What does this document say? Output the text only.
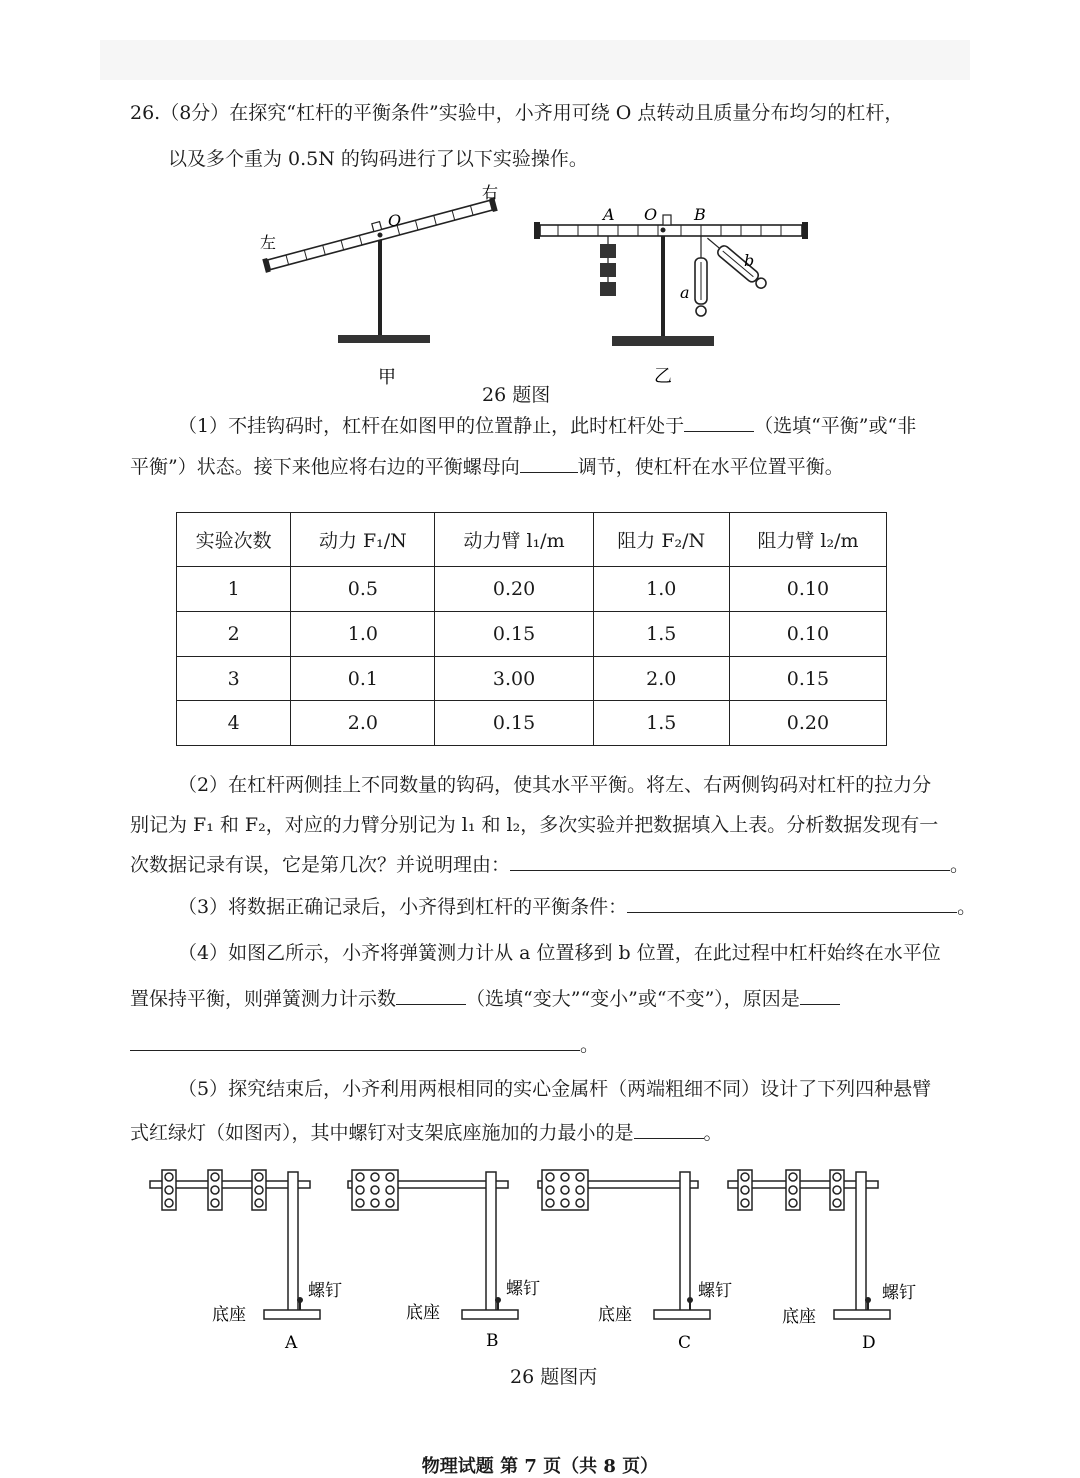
26.（8分）在探究“杠杆的平衡条件”实验中，小齐用可绕 O 点转动且质量分布均匀的杠杆，
以及多个重为 0.5N 的钩码进行了以下实验操作。
O
左
右
甲
A O B
a
b
乙
26 题图
（1）不挂钩码时，杠杆在如图甲的位置静止，此时杠杆处于	（选填“平衡”或“非
平衡”）状态。接下来他应将右边的平衡螺母向	调节，使杠杆在水平位置平衡。
实验次数	动力 F₁/N	动力臂 l₁/m	阻力 F₂/N	阻力臂 l₂/m
1	0.5	0.20	1.0	0.10
2	1.0	0.15	1.5	0.10
3	0.1	3.00	2.0	0.15
4	2.0	0.15	1.5	0.20
（2）在杠杆两侧挂上不同数量的钩码，使其水平平衡。将左、右两侧钩码对杠杆的拉力分
别记为 F₁ 和 F₂，对应的力臂分别记为 l₁ 和 l₂，多次实验并把数据填入上表。分析数据发现有一
次数据记录有误，它是第几次？并说明理由：	。
（3）将数据正确记录后，小齐得到杠杆的平衡条件：	。
（4）如图乙所示，小齐将弹簧测力计从 a 位置移到 b 位置，在此过程中杠杆始终在水平位
置保持平衡，则弹簧测力计示数	（选填“变大”“变小”或“不变”），原因是
。
（5）探究结束后，小齐利用两根相同的实心金属杆（两端粗细不同）设计了下列四种悬臂
式红绿灯（如图丙），其中螺钉对支架底座施加的力最小的是	。
螺钉
底座
A
螺钉
底座
B
螺钉
底座
C
螺钉
底座
D
26 题图丙
物理试题 第 7 页（共 8 页）
